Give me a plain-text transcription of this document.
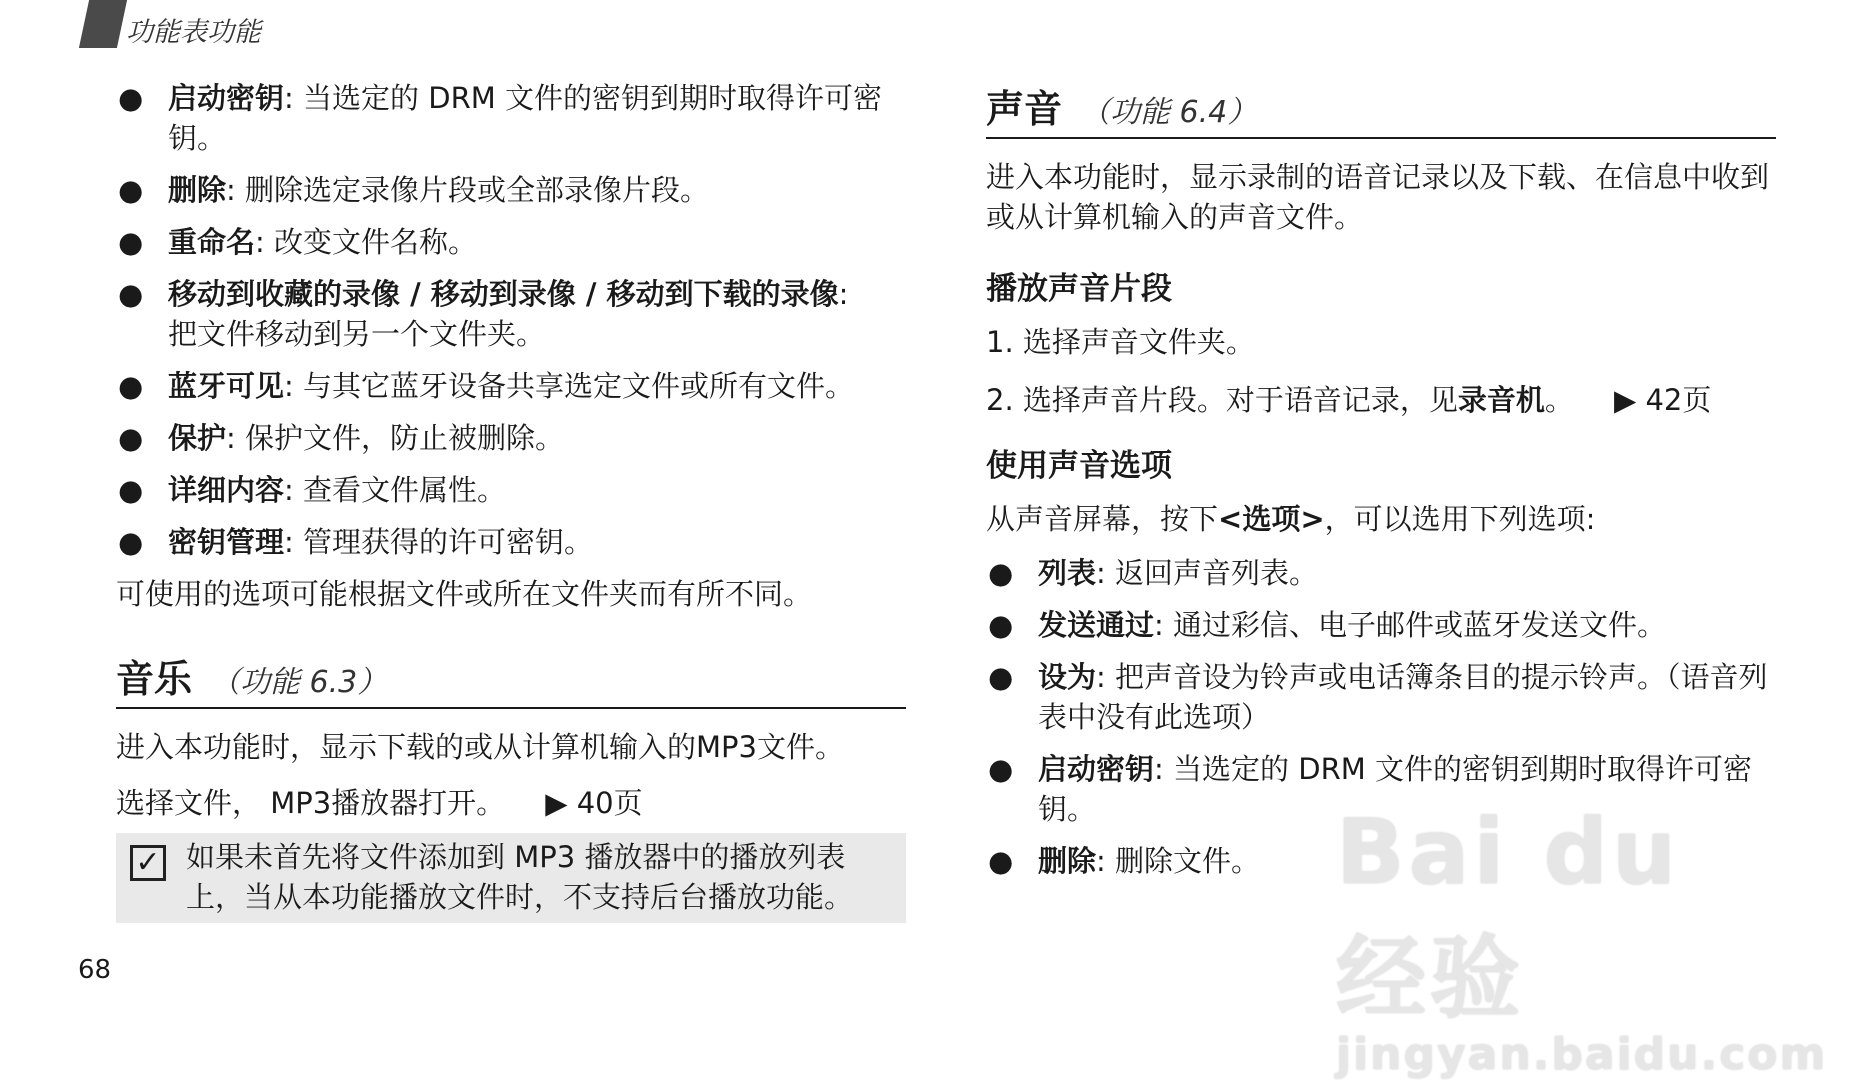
功能表功能
● 启动密钥: 当选定的 DRM 文件的密钥到期时取得许可密钥。
● 删除: 删除选定录像片段或全部录像片段。
● 重命名: 改变文件名称。
● 移动到收藏的录像 / 移动到录像 / 移动到下载的录像:
把文件移动到另一个文件夹。
● 蓝牙可见: 与其它蓝牙设备共享选定文件或所有文件。
● 保护: 保护文件，防止被删除。
● 详细内容: 查看文件属性。
● 密钥管理: 管理获得的许可密钥。

可使用的选项可能根据文件或所在文件夹而有所不同。

音乐 （功能 6.3）

进入本功能时，显示下载的或从计算机输入的MP3文件。

选择文件， MP3播放器打开。 ▶ 40页

✓ 如果未首先将文件添加到 MP3 播放器中的播放列表上，当从本功能播放文件时，不支持后台播放功能。

声音 （功能 6.4）

进入本功能时，显示录制的语音记录以及下载、在信息中收到或从计算机输入的声音文件。

播放声音片段
1. 选择声音文件夹。
2. 选择声音片段。对于语音记录，见录音机。 ▶ 42页
使用声音选项

从声音屏幕，按下<选项>，可以选用下列选项:

● 列表: 返回声音列表。
● 发送通过: 通过彩信、电子邮件或蓝牙发送文件。
● 设为: 把声音设为铃声或电话簿条目的提示铃声。（语音列表中没有此选项）
● 启动密钥: 当选定的 DRM 文件的密钥到期时取得许可密钥。
● 删除: 删除文件。
68
Bai du 经验
jingyan.baidu.com
